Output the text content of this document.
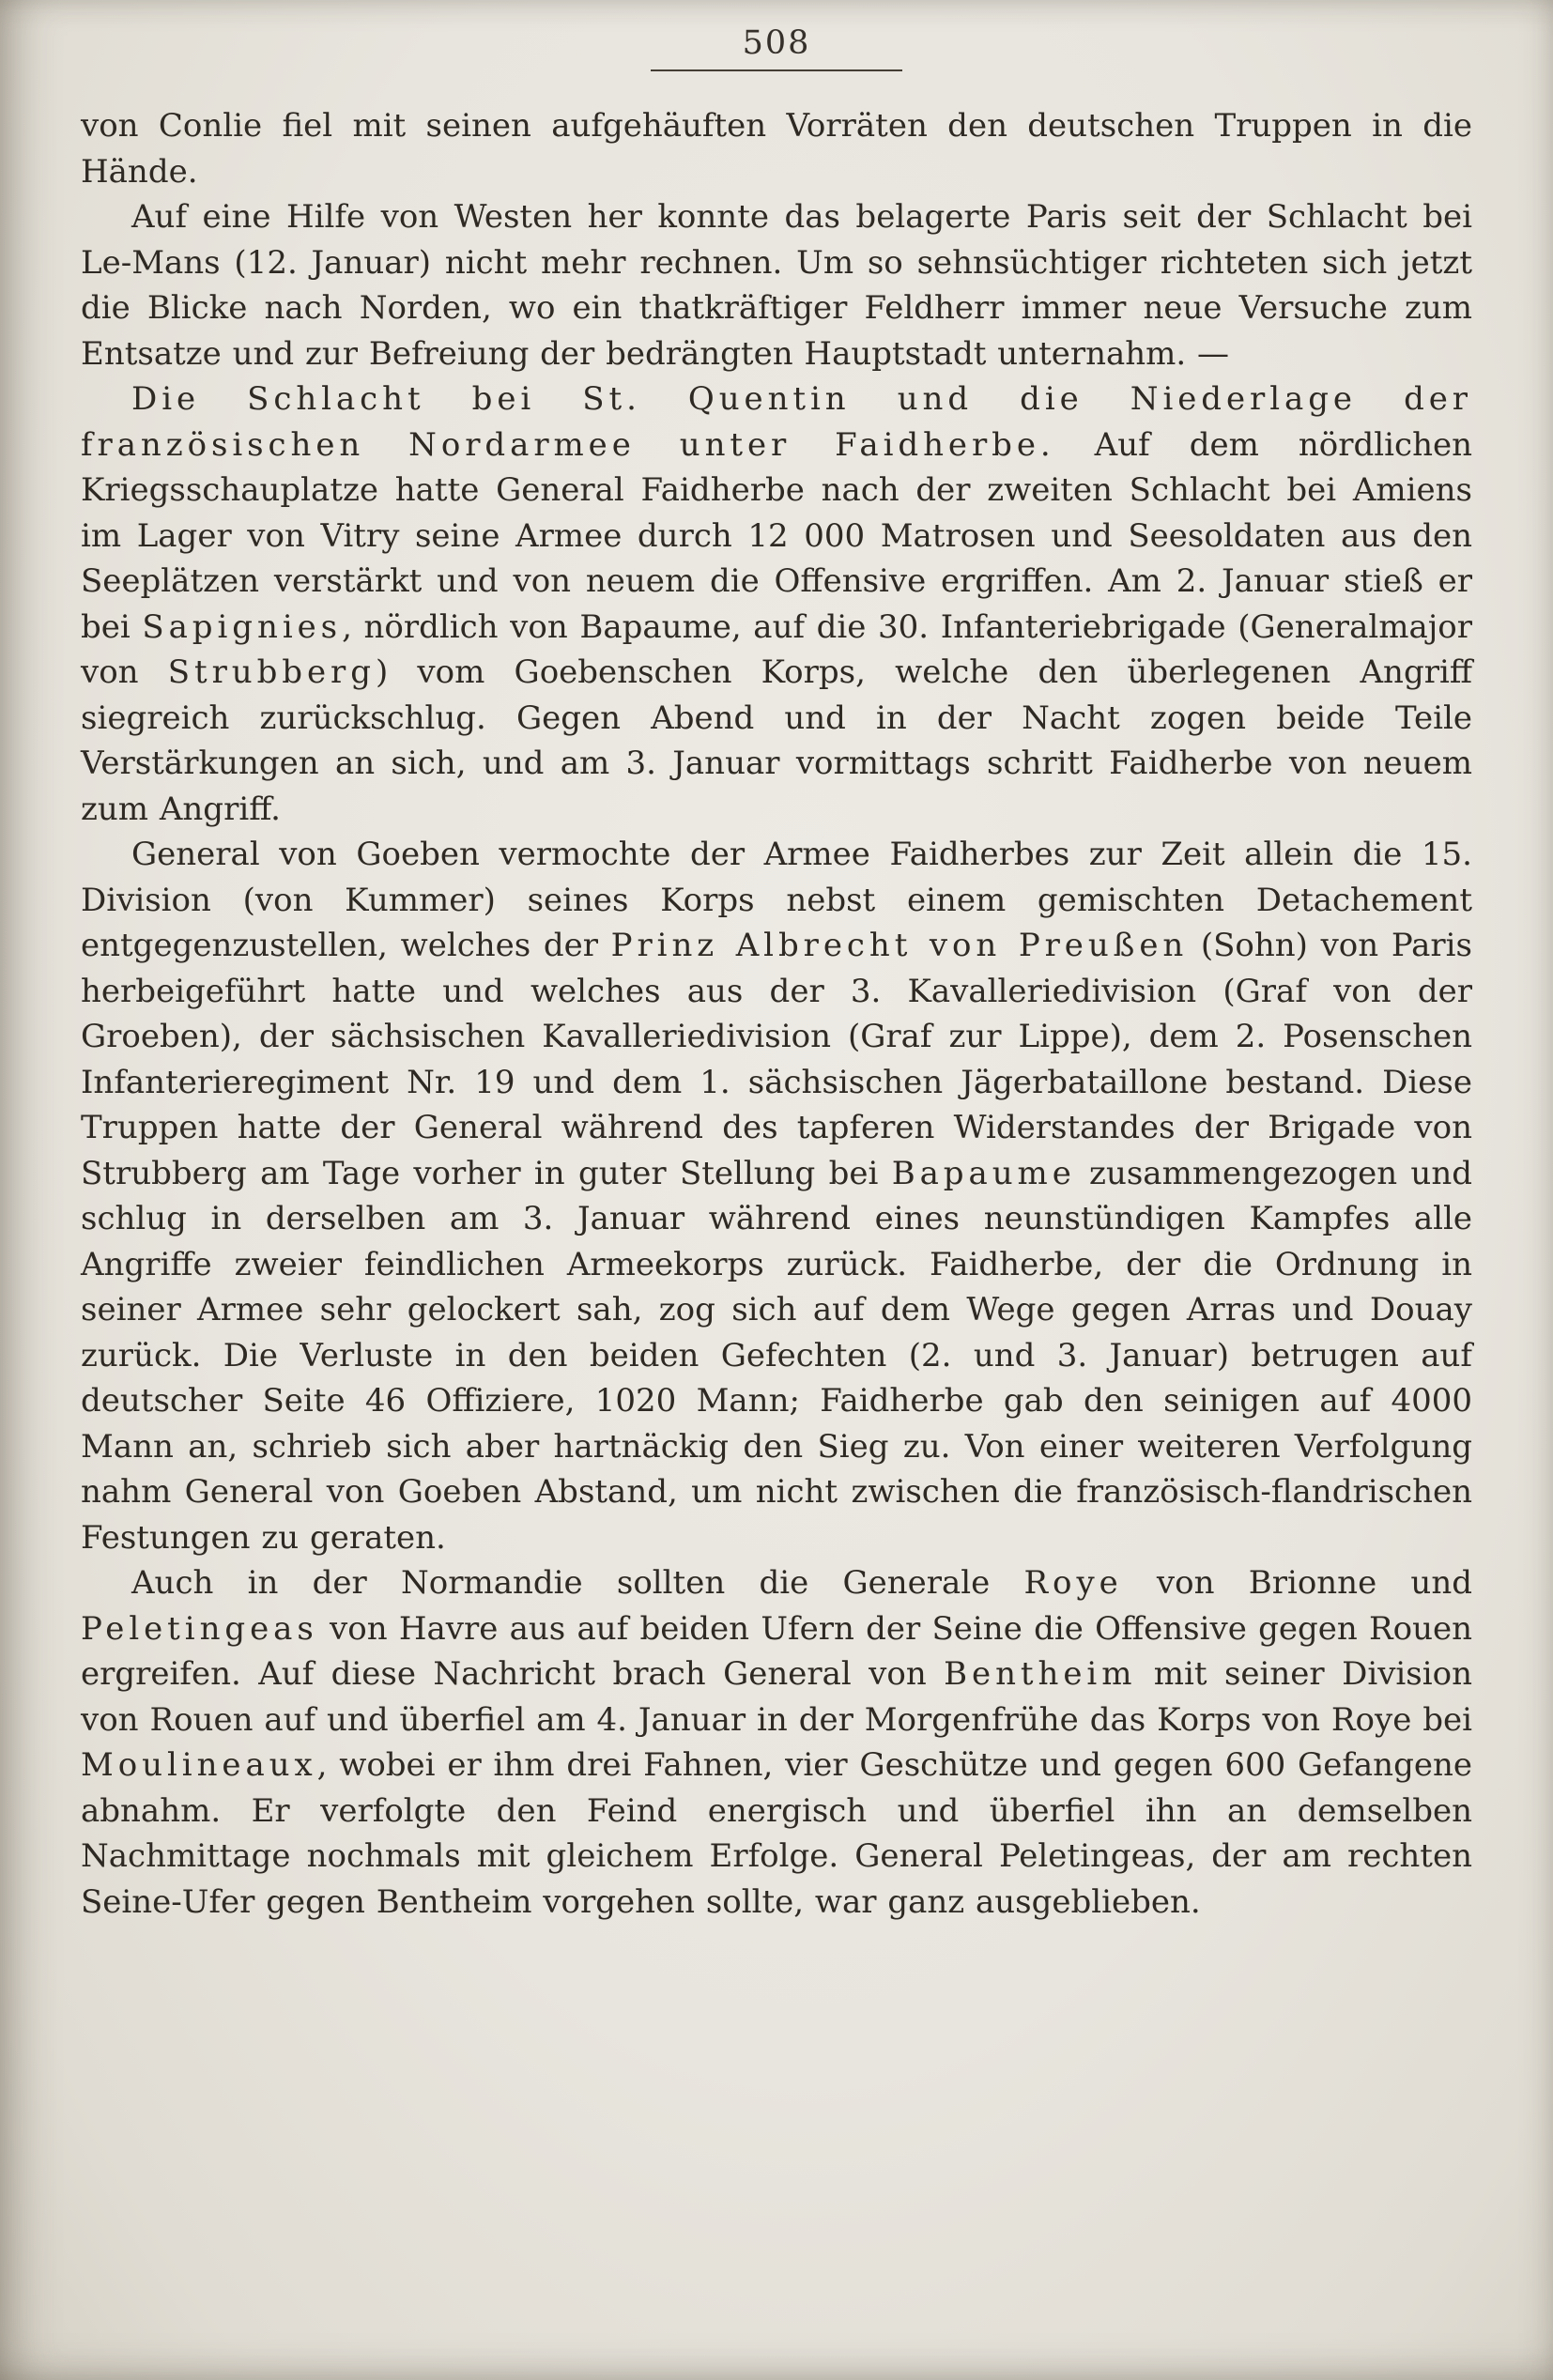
508

von Conlie fiel mit seinen aufgehäuften Vorräten den deutschen Truppen in die Hände.

Auf eine Hilfe von Westen her konnte das belagerte Paris seit der Schlacht bei Le-Mans (12. Januar) nicht mehr rechnen. Um so sehnsüchtiger richteten sich jetzt die Blicke nach Norden, wo ein thatkräftiger Feldherr immer neue Versuche zum Entsatze und zur Befreiung der bedrängten Hauptstadt unternahm. —

Die Schlacht bei St. Quentin und die Niederlage der französischen Nordarmee unter Faidherbe. Auf dem nördlichen Kriegsschauplatze hatte General Faidherbe nach der zweiten Schlacht bei Amiens im Lager von Vitry seine Armee durch 12 000 Matrosen und Seesoldaten aus den Seeplätzen verstärkt und von neuem die Offensive ergriffen. Am 2. Januar stieß er bei Sapignies, nördlich von Bapaume, auf die 30. Infanteriebrigade (Generalmajor von Strubberg) vom Goebenschen Korps, welche den überlegenen Angriff siegreich zurückschlug. Gegen Abend und in der Nacht zogen beide Teile Verstärkungen an sich, und am 3. Januar vormittags schritt Faidherbe von neuem zum Angriff.

General von Goeben vermochte der Armee Faidherbes zur Zeit allein die 15. Division (von Kummer) seines Korps nebst einem gemischten Detachement entgegenzustellen, welches der Prinz Albrecht von Preußen (Sohn) von Paris herbeigeführt hatte und welches aus der 3. Kavalleriedivision (Graf von der Groeben), der sächsischen Kavalleriedivision (Graf zur Lippe), dem 2. Posenschen Infanterieregiment Nr. 19 und dem 1. sächsischen Jägerbataillone bestand. Diese Truppen hatte der General während des tapferen Widerstandes der Brigade von Strubberg am Tage vorher in guter Stellung bei Bapaume zusammengezogen und schlug in derselben am 3. Januar während eines neunstündigen Kampfes alle Angriffe zweier feindlichen Armeekorps zurück. Faidherbe, der die Ordnung in seiner Armee sehr gelockert sah, zog sich auf dem Wege gegen Arras und Douay zurück. Die Verluste in den beiden Gefechten (2. und 3. Januar) betrugen auf deutscher Seite 46 Offiziere, 1020 Mann; Faidherbe gab den seinigen auf 4000 Mann an, schrieb sich aber hartnäckig den Sieg zu. Von einer weiteren Verfolgung nahm General von Goeben Abstand, um nicht zwischen die französisch-flandrischen Festungen zu geraten.

Auch in der Normandie sollten die Generale Roye von Brionne und Peletingeas von Havre aus auf beiden Ufern der Seine die Offensive gegen Rouen ergreifen. Auf diese Nachricht brach General von Bentheim mit seiner Division von Rouen auf und überfiel am 4. Januar in der Morgenfrühe das Korps von Roye bei Moulineaux, wobei er ihm drei Fahnen, vier Geschütze und gegen 600 Gefangene abnahm. Er verfolgte den Feind energisch und überfiel ihn an demselben Nachmittage nochmals mit gleichem Erfolge. General Peletingeas, der am rechten Seine-Ufer gegen Bentheim vorgehen sollte, war ganz ausgeblieben.
